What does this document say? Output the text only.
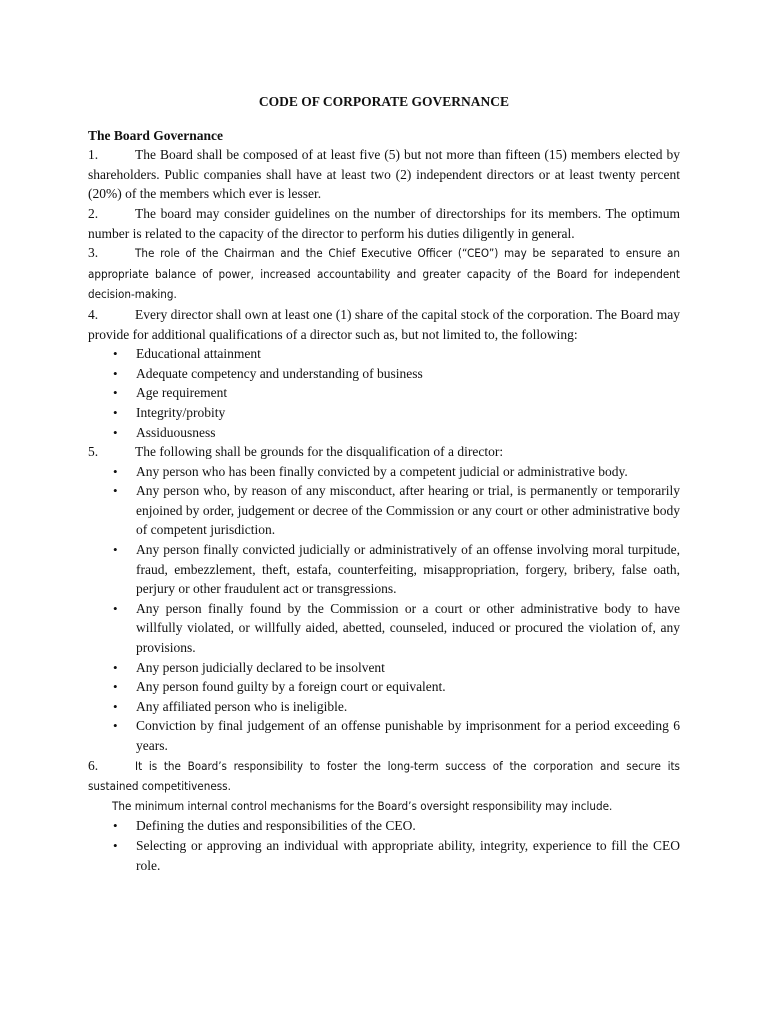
CODE OF CORPORATE GOVERNANCE
The Board Governance
1.	The Board shall be composed of at least five (5) but not more than fifteen (15) members elected by shareholders. Public companies shall have at least two (2) independent directors or at least twenty percent (20%) of the members which ever is lesser.
2.	The board may consider guidelines on the number of directorships for its members. The optimum number is related to the capacity of the director to perform his duties diligently in general.
3.	The role of the Chairman and the Chief Executive Officer (“CEO”) may be separated to ensure an appropriate balance of power, increased accountability and greater capacity of the Board for independent decision-making.
4.	Every director shall own at least one (1) share of the capital stock of the corporation. The Board may provide for additional qualifications of a director such as, but not limited to, the following:
• Educational attainment
• Adequate competency and understanding of business
• Age requirement
• Integrity/probity
• Assiduousness
5.	The following shall be grounds for the disqualification of a director:
• Any person who has been finally convicted by a competent judicial or administrative body.
• Any person who, by reason of any misconduct, after hearing or trial, is permanently or temporarily enjoined by order, judgement or decree of the Commission or any court or other administrative body of competent jurisdiction.
• Any person finally convicted judicially or administratively of an offense involving moral turpitude, fraud, embezzlement, theft, estafa, counterfeiting, misappropriation, forgery, bribery, false oath, perjury or other fraudulent act or transgressions.
• Any person finally found by the Commission or a court or other administrative body to have willfully violated, or willfully aided, abetted, counseled, induced or procured the violation of, any provisions.
• Any person judicially declared to be insolvent
• Any person found guilty by a foreign court or equivalent.
• Any affiliated person who is ineligible.
• Conviction by final judgement of an offense punishable by imprisonment for a period exceeding 6 years.
6.	It is the Board’s responsibility to foster the long-term success of the corporation and secure its sustained competitiveness.
The minimum internal control mechanisms for the Board’s oversight responsibility may include.
• Defining the duties and responsibilities of the CEO.
• Selecting or approving an individual with appropriate ability, integrity, experience to fill the CEO role.
